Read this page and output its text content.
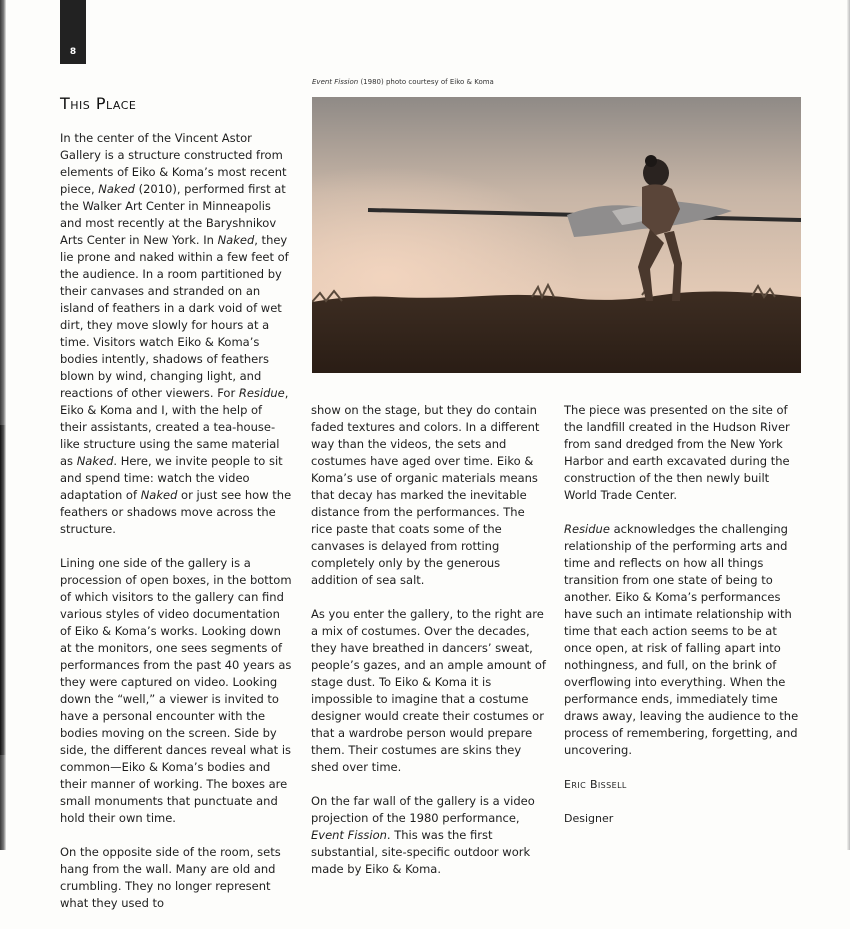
8
Event Fission (1980) photo courtesy of Eiko & Koma
This Place

In the center of the Vincent Astor Gallery is a structure constructed from elements of Eiko & Koma’s most recent piece, Naked (2010), performed first at the Walker Art Center in Minneapolis and most recently at the Baryshnikov Arts Center in New York. In Naked, they lie prone and naked within a few feet of the audience. In a room partitioned by their canvases and stranded on an island of feathers in a dark void of wet dirt, they move slowly for hours at a time. Visitors watch Eiko & Koma’s bodies intently, shadows of feathers blown by wind, changing light, and reactions of other viewers. For Residue, Eiko & Koma and I, with the help of their assistants, created a tea-house-like structure using the same material as Naked. Here, we invite people to sit and spend time: watch the video adaptation of Naked or just see how the feathers or shadows move across the structure.

Lining one side of the gallery is a procession of open boxes, in the bottom of which visitors to the gallery can find various styles of video documentation of Eiko & Koma’s works. Looking down at the monitors, one sees segments of performances from the past 40 years as they were captured on video. Looking down the “well,” a viewer is invited to have a personal encounter with the bodies moving on the screen. Side by side, the different dances reveal what is common—Eiko & Koma’s bodies and their manner of working. The boxes are small monuments that punctuate and hold their own time.

On the opposite side of the room, sets hang from the wall. Many are old and crumbling. They no longer represent what they used to

show on the stage, but they do contain faded textures and colors. In a different way than the videos, the sets and costumes have aged over time. Eiko & Koma’s use of organic materials means that decay has marked the inevitable distance from the performances. The rice paste that coats some of the canvases is delayed from rotting completely only by the generous addition of sea salt.

As you enter the gallery, to the right are a mix of costumes. Over the decades, they have breathed in dancers’ sweat, people’s gazes, and an ample amount of stage dust. To Eiko & Koma it is impossible to imagine that a costume designer would create their costumes or that a wardrobe person would prepare them. Their costumes are skins they shed over time.

On the far wall of the gallery is a video projection of the 1980 performance, Event Fission. This was the first substantial, site-specific outdoor work made by Eiko & Koma.

The piece was presented on the site of the landfill created in the Hudson River from sand dredged from the New York Harbor and earth excavated during the construction of the then newly built World Trade Center.

Residue acknowledges the challenging relationship of the performing arts and time and reflects on how all things transition from one state of being to another. Eiko & Koma’s performances have such an intimate relationship with time that each action seems to be at once open, at risk of falling apart into nothingness, and full, on the brink of overflowing into everything. When the performance ends, immediately time draws away, leaving the audience to the process of remembering, forgetting, and uncovering.

Eric Bissell

Designer
